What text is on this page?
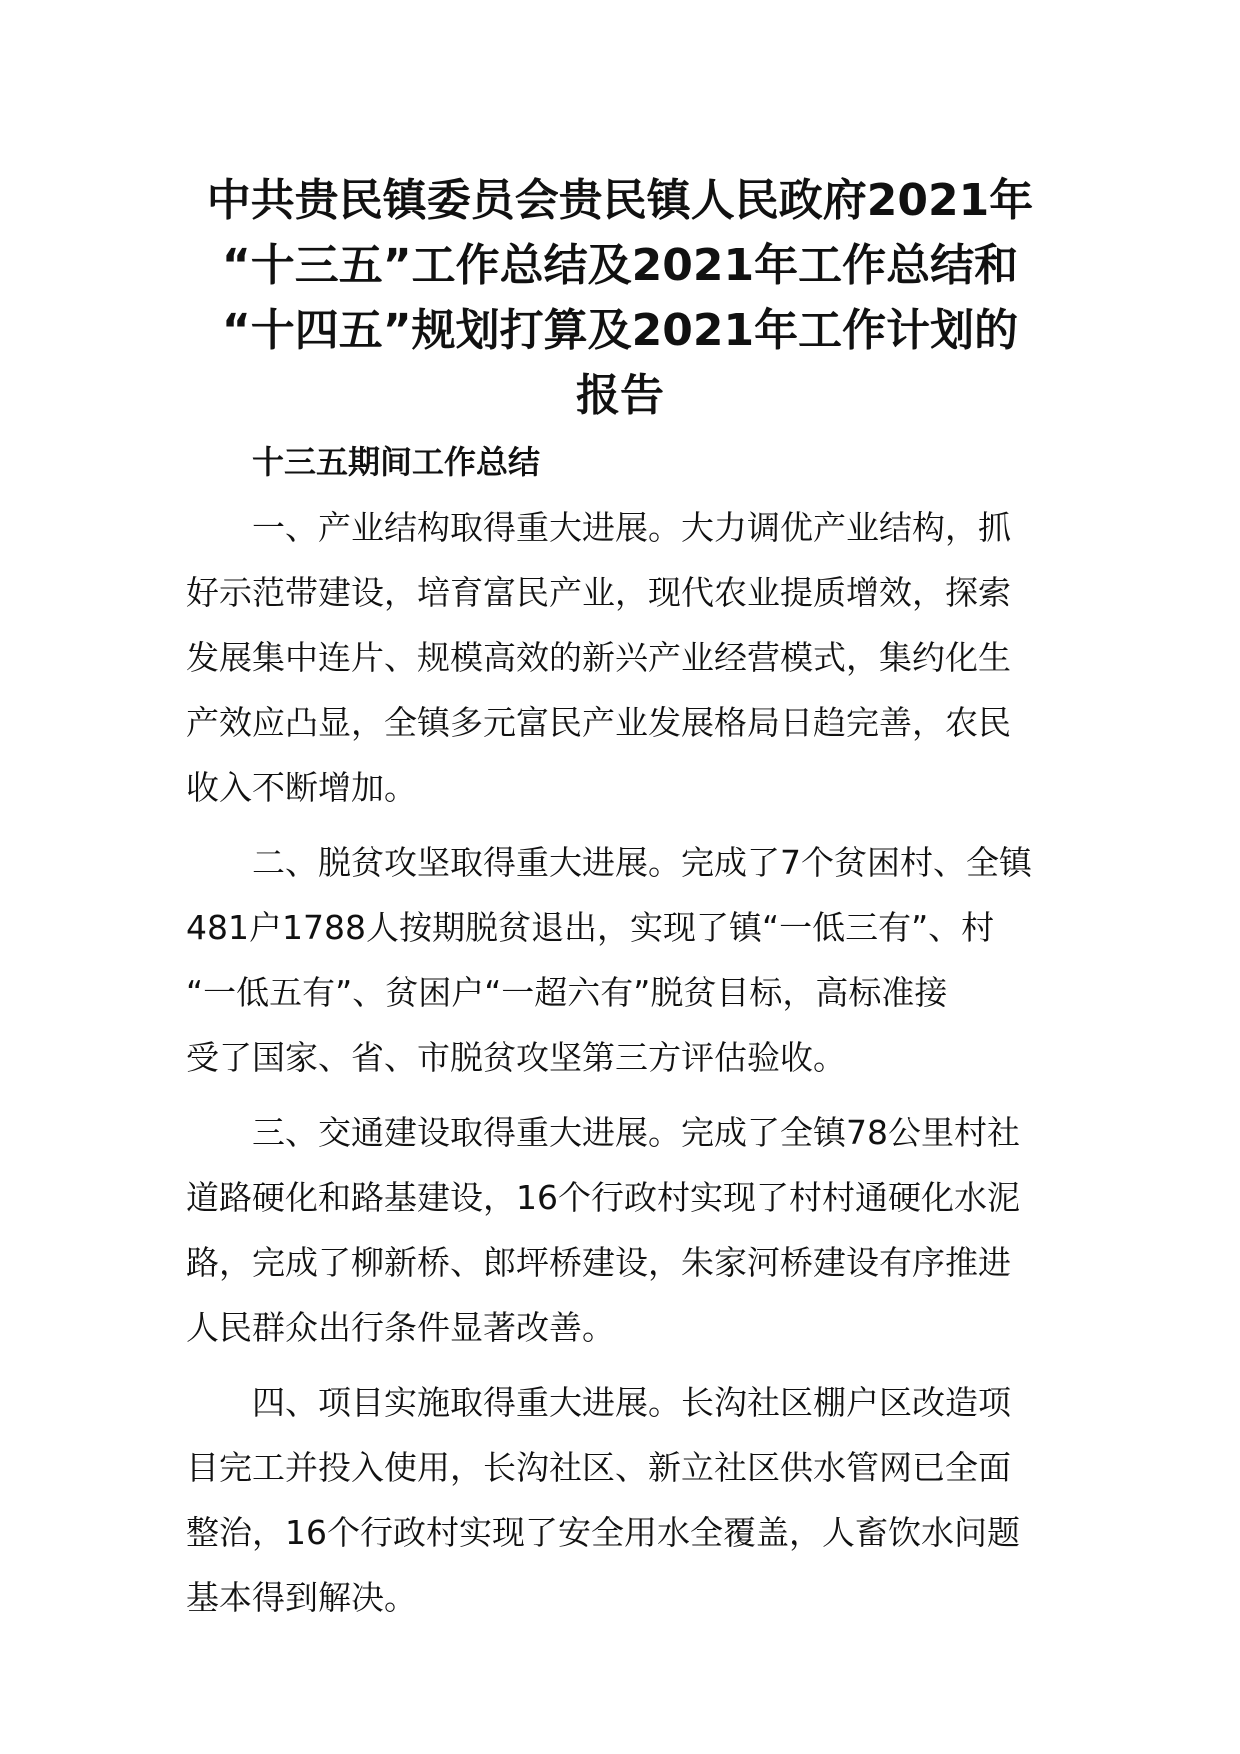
中共贵民镇委员会贵民镇人民政府2021年
“十三五”工作总结及2021年工作总结和
“十四五”规划打算及2021年工作计划的
报告
十三五期间工作总结

一、产业结构取得重大进展。大力调优产业结构，抓
好示范带建设，培育富民产业，现代农业提质增效，探索
发展集中连片、规模高效的新兴产业经营模式，集约化生
产效应凸显，全镇多元富民产业发展格局日趋完善，农民
收入不断增加。

二、脱贫攻坚取得重大进展。完成了7个贫困村、全镇
481户1788人按期脱贫退出，实现了镇“一低三有”、村
“一低五有”、贫困户“一超六有”脱贫目标，高标准接
受了国家、省、市脱贫攻坚第三方评估验收。

三、交通建设取得重大进展。完成了全镇78公里村社
道路硬化和路基建设，16个行政村实现了村村通硬化水泥
路，完成了柳新桥、郎坪桥建设，朱家河桥建设有序推进
人民群众出行条件显著改善。

四、项目实施取得重大进展。长沟社区棚户区改造项
目完工并投入使用，长沟社区、新立社区供水管网已全面
整治，16个行政村实现了安全用水全覆盖，人畜饮水问题
基本得到解决。
